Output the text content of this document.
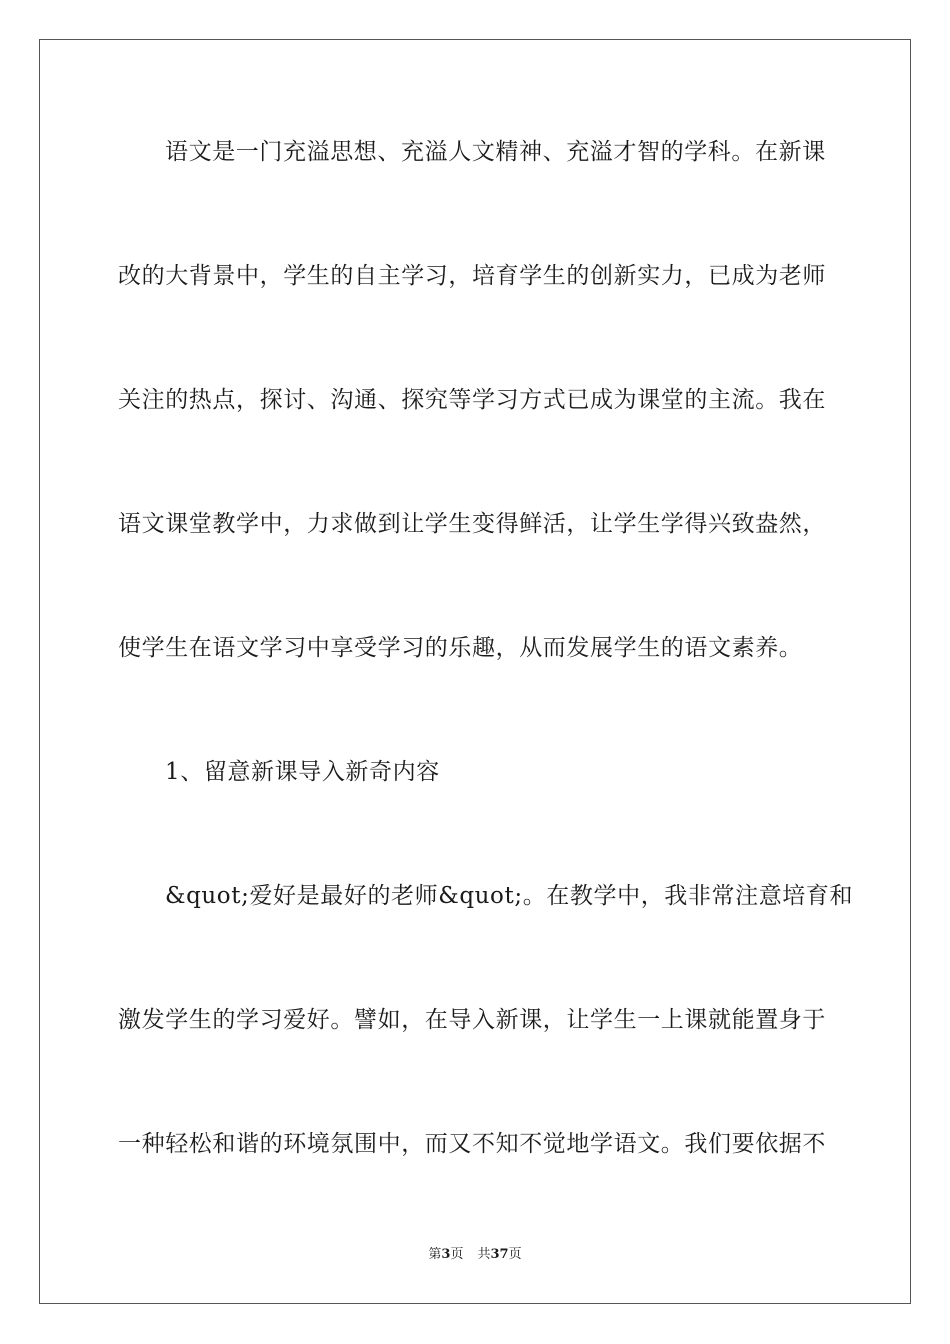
语文是一门充溢思想、充溢人文精神、充溢才智的学科。在新课
改的大背景中，学生的自主学习，培育学生的创新实力，已成为老师
关注的热点，探讨、沟通、探究等学习方式已成为课堂的主流。我在
语文课堂教学中，力求做到让学生变得鲜活，让学生学得兴致盎然，
使学生在语文学习中享受学习的乐趣，从而发展学生的语文素养。
1、留意新课导入新奇内容
&quot;爱好是最好的老师&quot;。在教学中，我非常注意培育和
激发学生的学习爱好。譬如，在导入新课，让学生一上课就能置身于
一种轻松和谐的环境氛围中，而又不知不觉地学语文。我们要依据不
第3页 共37页
